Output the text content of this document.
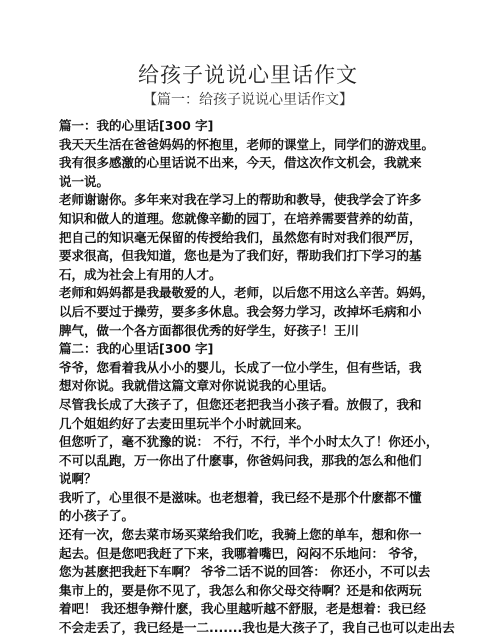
给孩子说说心里话作文
【篇一：给孩子说说心里话作文】
篇一：我的心里话[300 字]
我天天生活在爸爸妈妈的怀抱里，老师的课堂上，同学们的游戏里。
我有很多感激的心里话说不出来，今天，借这次作文机会，我就来
说一说。
老师谢谢你。多年来对我在学习上的帮助和教导，使我学会了许多
知识和做人的道理。您就像辛勤的园丁，在培养需要营养的幼苗，
把自己的知识毫无保留的传授给我们，虽然您有时对我们很严厉，
要求很高，但我知道，您也是为了我们好，帮助我们打下学习的基
石，成为社会上有用的人才。
老师和妈妈都是我最敬爱的人，老师，以后您不用这么辛苦。妈妈，
以后不要过于操劳，要多多休息。我会努力学习，改掉坏毛病和小
脾气，做一个各方面都很优秀的好学生，好孩子！王川
篇二：我的心里话[300 字]
爷爷，您看着我从小小的婴儿，长成了一位小学生，但有些话，我
想对你说。我就借这篇文章对你说说我的心里话。
尽管我长成了大孩子了，但您还老把我当小孩子看。放假了，我和
几个姐姐约好了去麦田里玩半个小时就回来。
但您听了，毫不犹豫的说： 不行，不行，半个小时太久了！你还小，
不可以乱跑，万一你出了什麽事，你爸妈问我，那我的怎么和他们
说啊？
我听了，心里很不是滋味。也老想着，我已经不是那个什麽都不懂
的小孩子了。
还有一次，您去菜市场买菜给我们吃，我骑上您的单车，想和你一
起去。但是您吧我赶了下来，我哪着嘴巴，闷闷不乐地问： 爷爷，
您为甚麽把我赶下车啊？ 爷爷二话不说的回答： 你还小，不可以去
集市上的，要是你不见了，我怎么和你父母交待啊？还是和依两玩
着吧！ 我还想争辩什麽，我心里越听越不舒服，老是想着：我已经
不会走丢了，我已经是一二.......我也是大孩子了，我自己也可以走出去
